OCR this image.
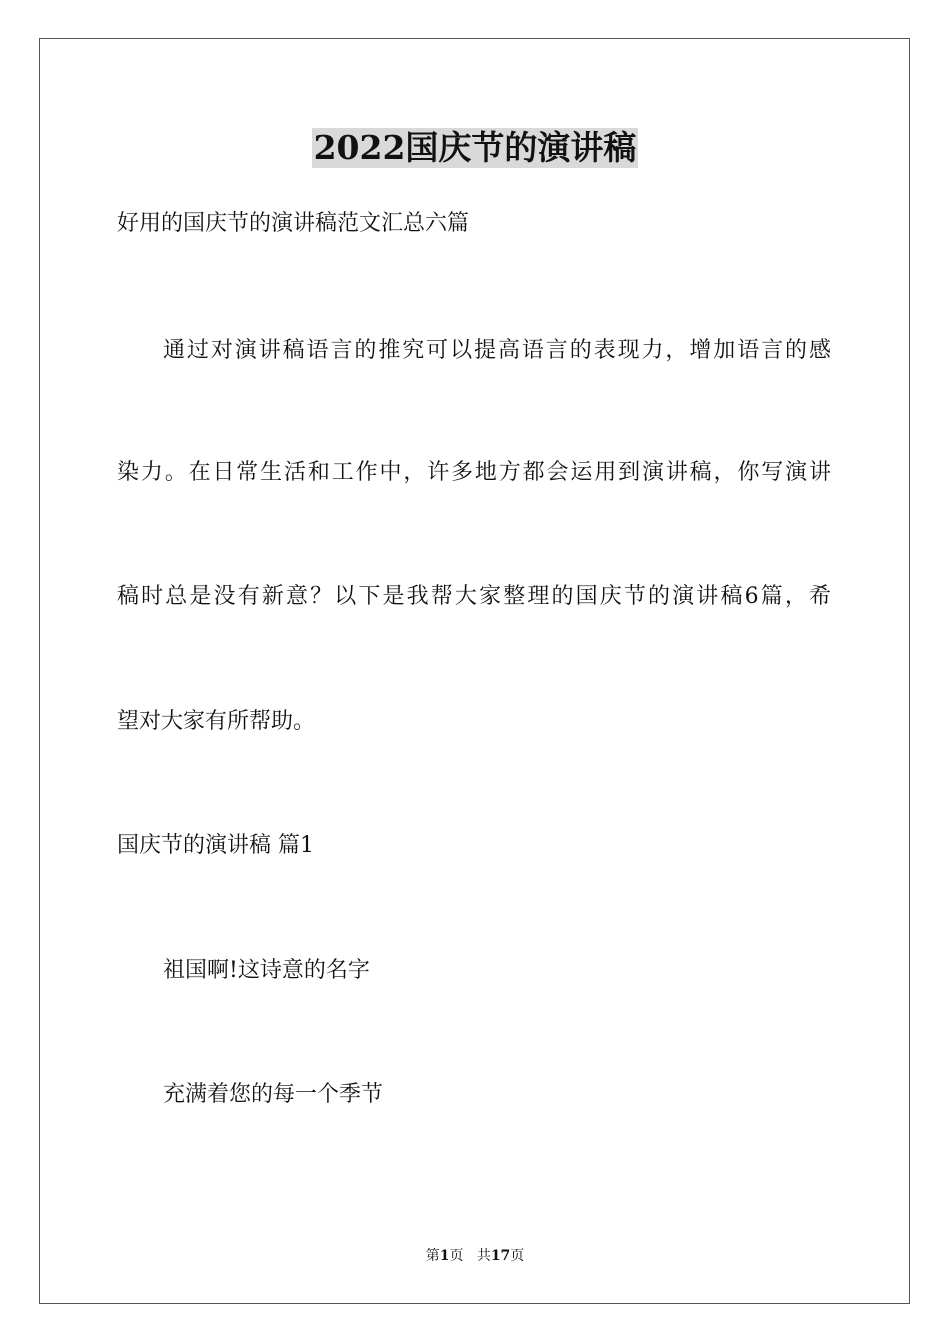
2022国庆节的演讲稿
好用的国庆节的演讲稿范文汇总六篇
通过对演讲稿语言的推究可以提高语言的表现力，增加语言的感
染力。在日常生活和工作中，许多地方都会运用到演讲稿，你写演讲
稿时总是没有新意？以下是我帮大家整理的国庆节的演讲稿6篇，希
望对大家有所帮助。
国庆节的演讲稿 篇1
祖国啊!这诗意的名字
充满着您的每一个季节
第1页 共17页
